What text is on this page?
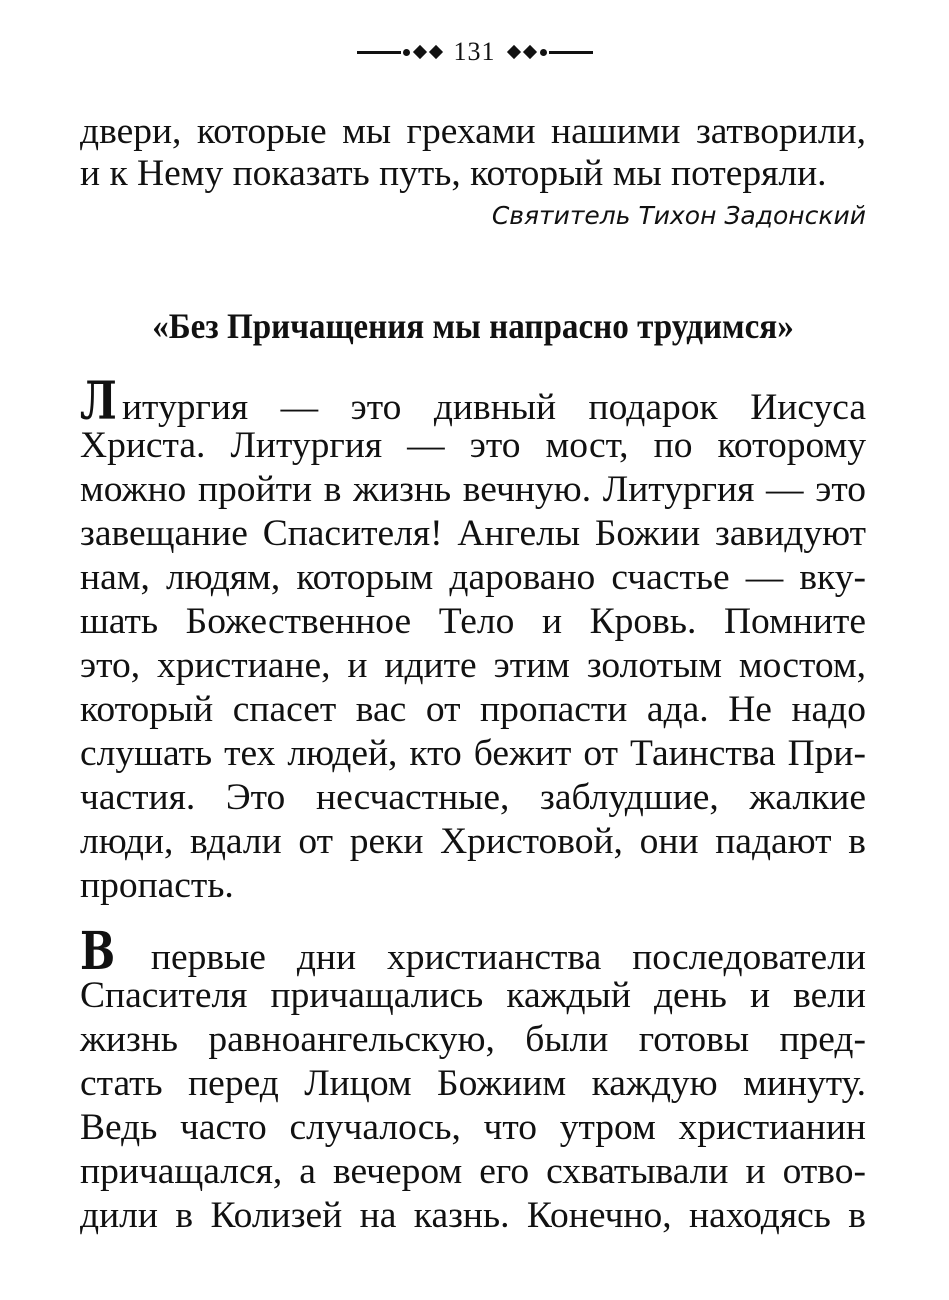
131
двери, которые мы грехами нашими затворили,
и к Нему показать путь, который мы потеряли.
Святитель Тихон Задонский
«Без Причащения мы напрасно трудимся»
Л итургия — это дивный подарок Иисуса
Христа. Литургия — это мост, по которому
можно пройти в жизнь вечную. Литургия — это
завещание Спасителя! Ангелы Божии завидуют
нам, людям, которым даровано счастье — вку-
шать Божественное Тело и Кровь. Помните
это, христиане, и идите этим золотым мостом,
который спасет вас от пропасти ада. Не надо
слушать тех людей, кто бежит от Таинства При-
частия. Это несчастные, заблудшие, жалкие
люди, вдали от реки Христовой, они падают в
пропасть.
В первые дни христианства последователи
Спасителя причащались каждый день и вели
жизнь равноангельскую, были готовы пред-
стать перед Лицом Божиим каждую минуту.
Ведь часто случалось, что утром христианин
причащался, а вечером его схватывали и отво-
дили в Колизей на казнь. Конечно, находясь в
